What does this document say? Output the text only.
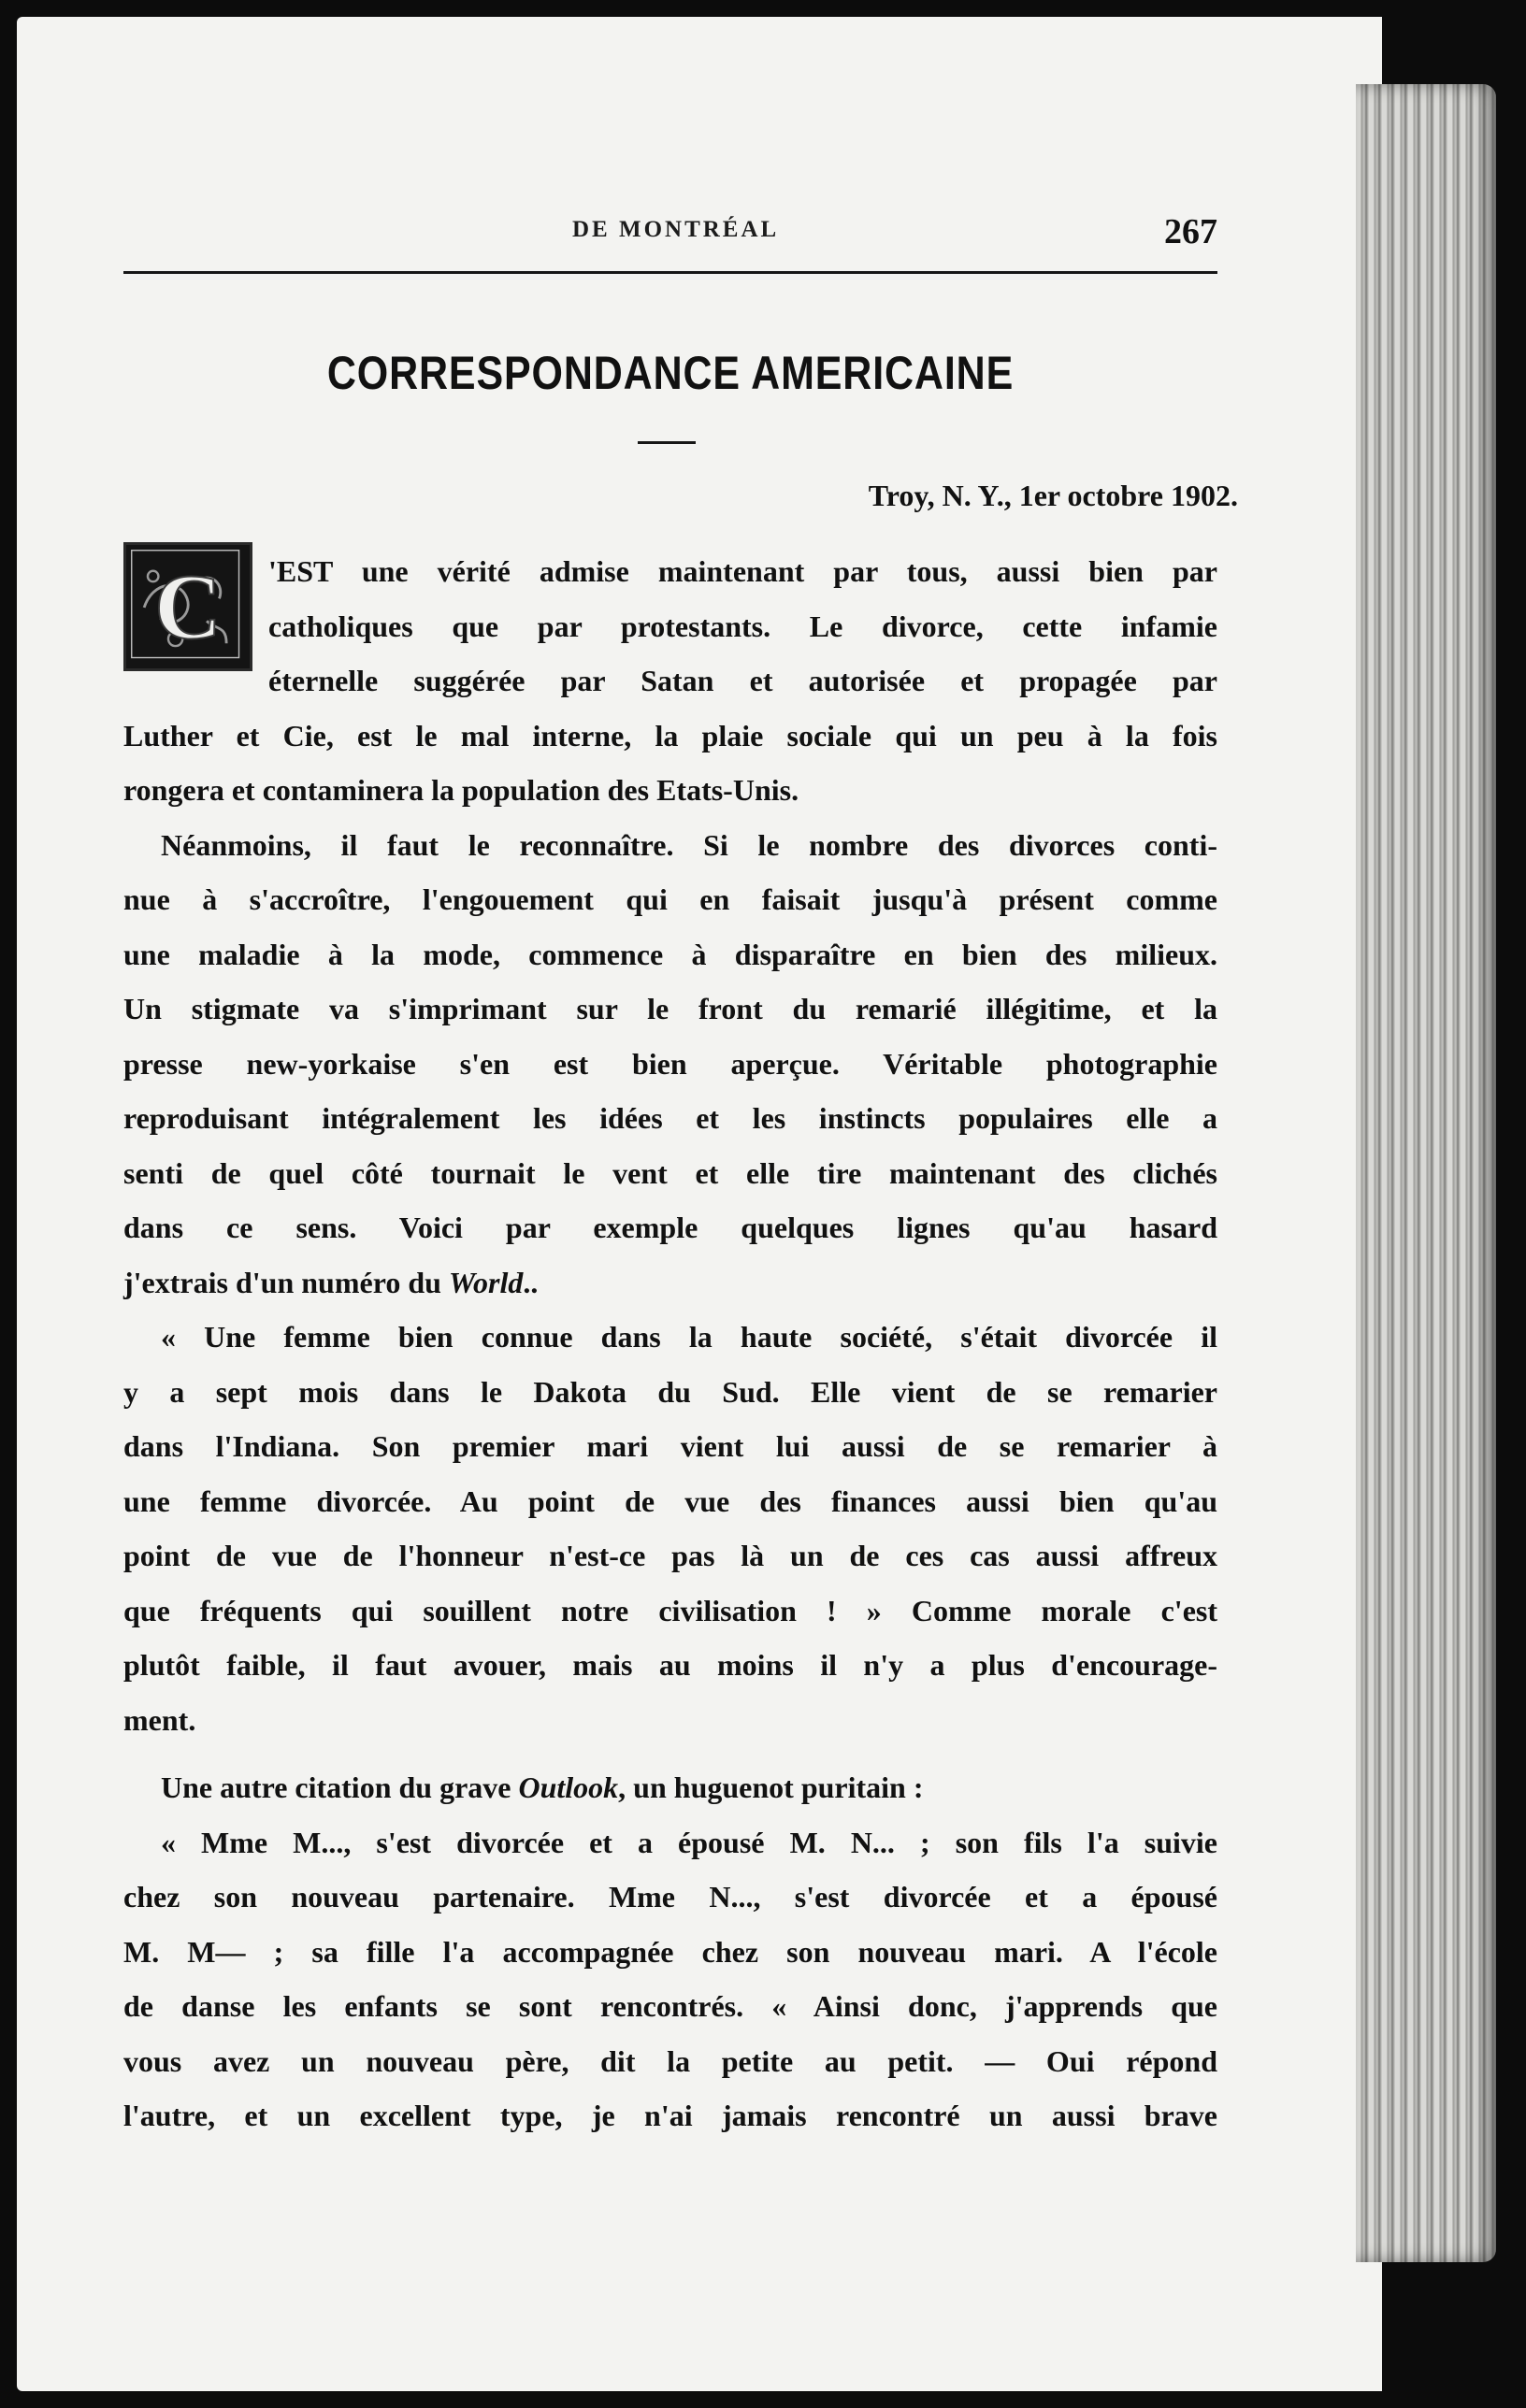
DE MONTRÉAL	267
CORRESPONDANCE AMERICAINE
Troy, N. Y., 1er octobre 1902.
C	'EST une vérité admise maintenant par tous, aussi bien par
catholiques que par protestants. Le divorce, cette infamie
éternelle suggérée par Satan et autorisée et propagée par
Luther et Cie, est le mal interne, la plaie sociale qui un peu à la fois
rongera et contaminera la population des Etats-Unis.
Néanmoins, il faut le reconnaître. Si le nombre des divorces conti-
nue à s'accroître, l'engouement qui en faisait jusqu'à présent comme
une maladie à la mode, commence à disparaître en bien des milieux.
Un stigmate va s'imprimant sur le front du remarié illégitime, et la
presse new-yorkaise s'en est bien aperçue. Véritable photographie
reproduisant intégralement les idées et les instincts populaires elle a
senti de quel côté tournait le vent et elle tire maintenant des clichés
dans ce sens. Voici par exemple quelques lignes qu'au hasard
j'extrais d'un numéro du World..
« Une femme bien connue dans la haute société, s'était divorcée il
y a sept mois dans le Dakota du Sud. Elle vient de se remarier
dans l'Indiana. Son premier mari vient lui aussi de se remarier à
une femme divorcée. Au point de vue des finances aussi bien qu'au
point de vue de l'honneur n'est-ce pas là un de ces cas aussi affreux
que fréquents qui souillent notre civilisation ! » Comme morale c'est
plutôt faible, il faut avouer, mais au moins il n'y a plus d'encourage-
ment.
Une autre citation du grave Outlook, un huguenot puritain :
« Mme M..., s'est divorcée et a épousé M. N... ; son fils l'a suivie
chez son nouveau partenaire. Mme N..., s'est divorcée et a épousé
M. M— ; sa fille l'a accompagnée chez son nouveau mari. A l'école
de danse les enfants se sont rencontrés. « Ainsi donc, j'apprends que
vous avez un nouveau père, dit la petite au petit. — Oui répond
l'autre, et un excellent type, je n'ai jamais rencontré un aussi brave
